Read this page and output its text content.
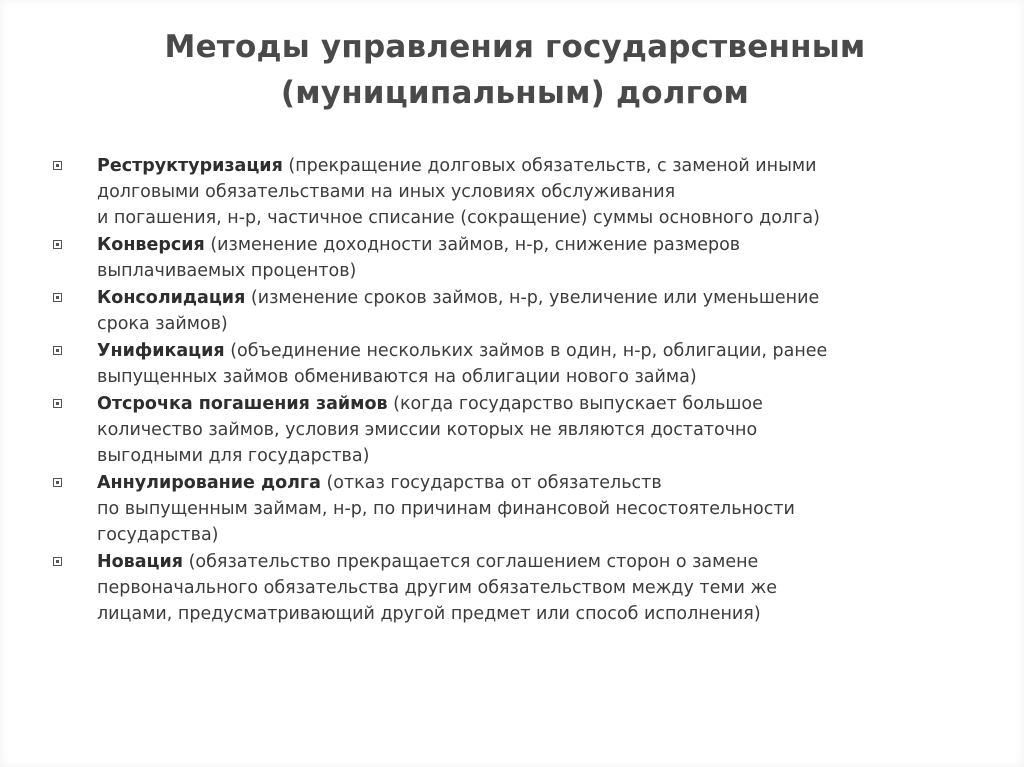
Методы управления государственным
(муниципальным) долгом
Реструктуризация (прекращение долговых обязательств, с заменой иными
долговыми обязательствами на иных условиях обслуживания
и погашения, н-р, частичное списание (сокращение) суммы основного долга)
Конверсия (изменение доходности займов, н-р, снижение размеров
выплачиваемых процентов)
Консолидация (изменение сроков займов, н-р, увеличение или уменьшение
срока займов)
Унификация (объединение нескольких займов в один, н-р, облигации, ранее
выпущенных займов обмениваются на облигации нового займа)
Отсрочка погашения займов (когда государство выпускает большое
количество займов, условия эмиссии которых не являются достаточно
выгодными для государства)
Аннулирование долга (отказ государства от обязательств
по выпущенным займам, н-р, по причинам финансовой несостоятельности
государства)
Новация (обязательство прекращается соглашением сторон о замене
первоначального обязательства другим обязательством между теми же
лицами, предусматривающий другой предмет или способ исполнения)
